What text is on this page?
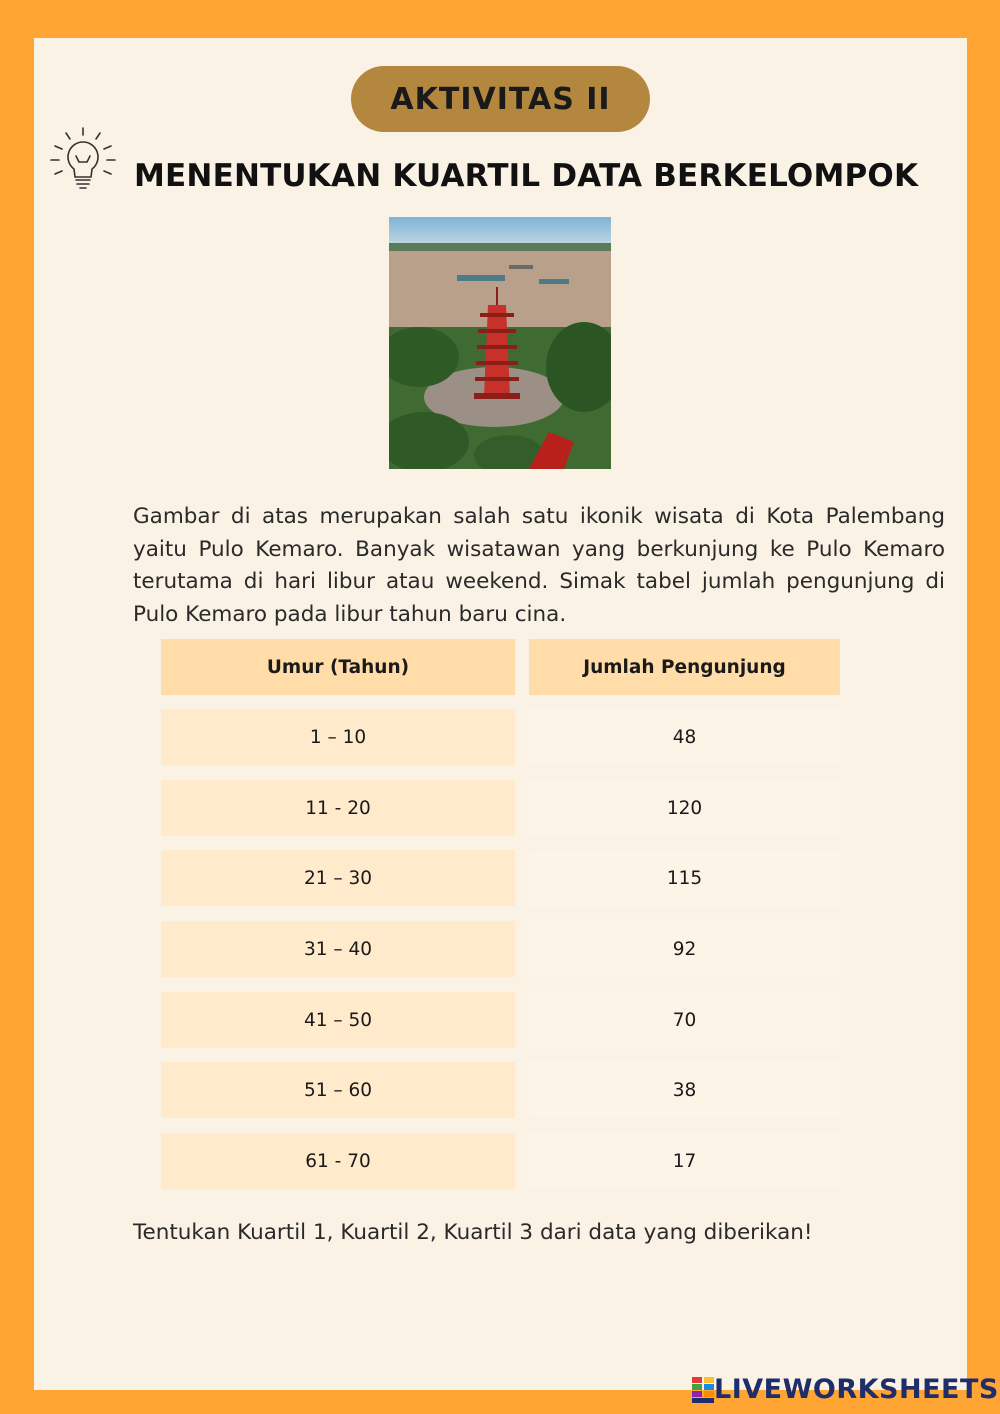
AKTIVITAS II
MENENTUKAN KUARTIL DATA BERKELOMPOK

Gambar di atas merupakan salah satu ikonik wisata di Kota Palembang yaitu Pulo Kemaro. Banyak wisatawan yang berkunjung ke Pulo Kemaro terutama di hari libur atau weekend. Simak tabel jumlah pengunjung di Pulo Kemaro pada libur tahun baru cina.

Umur (Tahun)	Jumlah Pengunjung
1 – 10	48
11 - 20	120
21 – 30	115
31 – 40	92
41 – 50	70
51 – 60	38
61 - 70	17
Tentukan Kuartil 1, Kuartil 2, Kuartil 3 dari data yang diberikan!
LIVEWORKSHEETS
